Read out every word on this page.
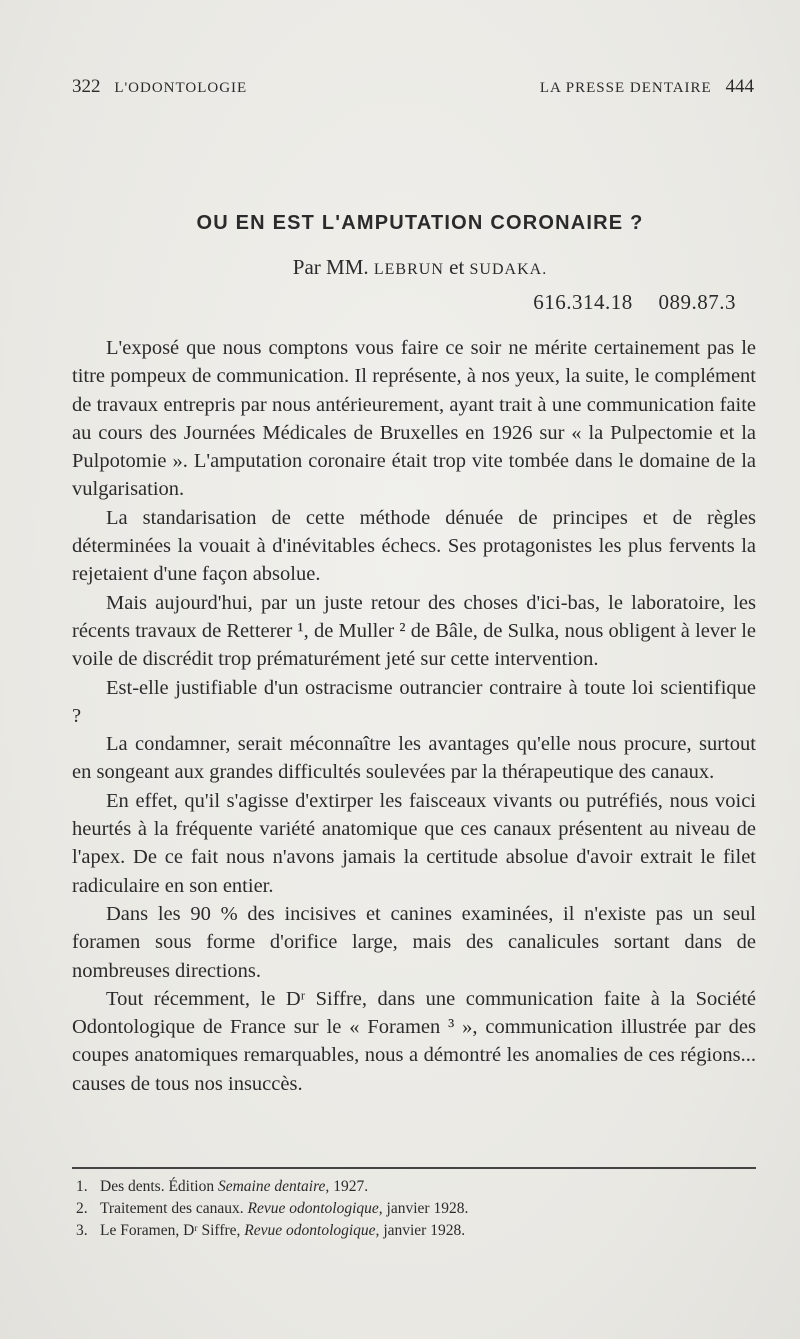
322 L'ODONTOLOGIE	LA PRESSE DENTAIRE 444
OU EN EST L'AMPUTATION CORONAIRE ?
Par MM. LEBRUN et SUDAKA.
616.314.18 089.87.3

L'exposé que nous comptons vous faire ce soir ne mérite certainement pas le titre pompeux de communication. Il représente, à nos yeux, la suite, le complément de travaux entrepris par nous antérieurement, ayant trait à une communication faite au cours des Journées Médicales de Bruxelles en 1926 sur « la Pulpectomie et la Pulpotomie ». L'amputation coronaire était trop vite tombée dans le domaine de la vulgarisation.

La standarisation de cette méthode dénuée de principes et de règles déterminées la vouait à d'inévitables échecs. Ses protagonistes les plus fervents la rejetaient d'une façon absolue.

Mais aujourd'hui, par un juste retour des choses d'ici-bas, le laboratoire, les récents travaux de Retterer ¹, de Muller ² de Bâle, de Sulka, nous obligent à lever le voile de discrédit trop prématurément jeté sur cette intervention.

Est-elle justifiable d'un ostracisme outrancier contraire à toute loi scientifique ?

La condamner, serait méconnaître les avantages qu'elle nous procure, surtout en songeant aux grandes difficultés soulevées par la thérapeutique des canaux.

En effet, qu'il s'agisse d'extirper les faisceaux vivants ou putréfiés, nous voici heurtés à la fréquente variété anatomique que ces canaux présentent au niveau de l'apex. De ce fait nous n'avons jamais la certitude absolue d'avoir extrait le filet radiculaire en son entier.

Dans les 90 % des incisives et canines examinées, il n'existe pas un seul foramen sous forme d'orifice large, mais des canalicules sortant dans de nombreuses directions.

Tout récemment, le Dʳ Siffre, dans une communication faite à la Société Odontologique de France sur le « Foramen ³ », communication illustrée par des coupes anatomiques remarquables, nous a démontré les anomalies de ces régions... causes de tous nos insuccès.

1. Des dents. Édition Semaine dentaire, 1927.

2. Traitement des canaux. Revue odontologique, janvier 1928.

3. Le Foramen, Dʳ Siffre, Revue odontologique, janvier 1928.
